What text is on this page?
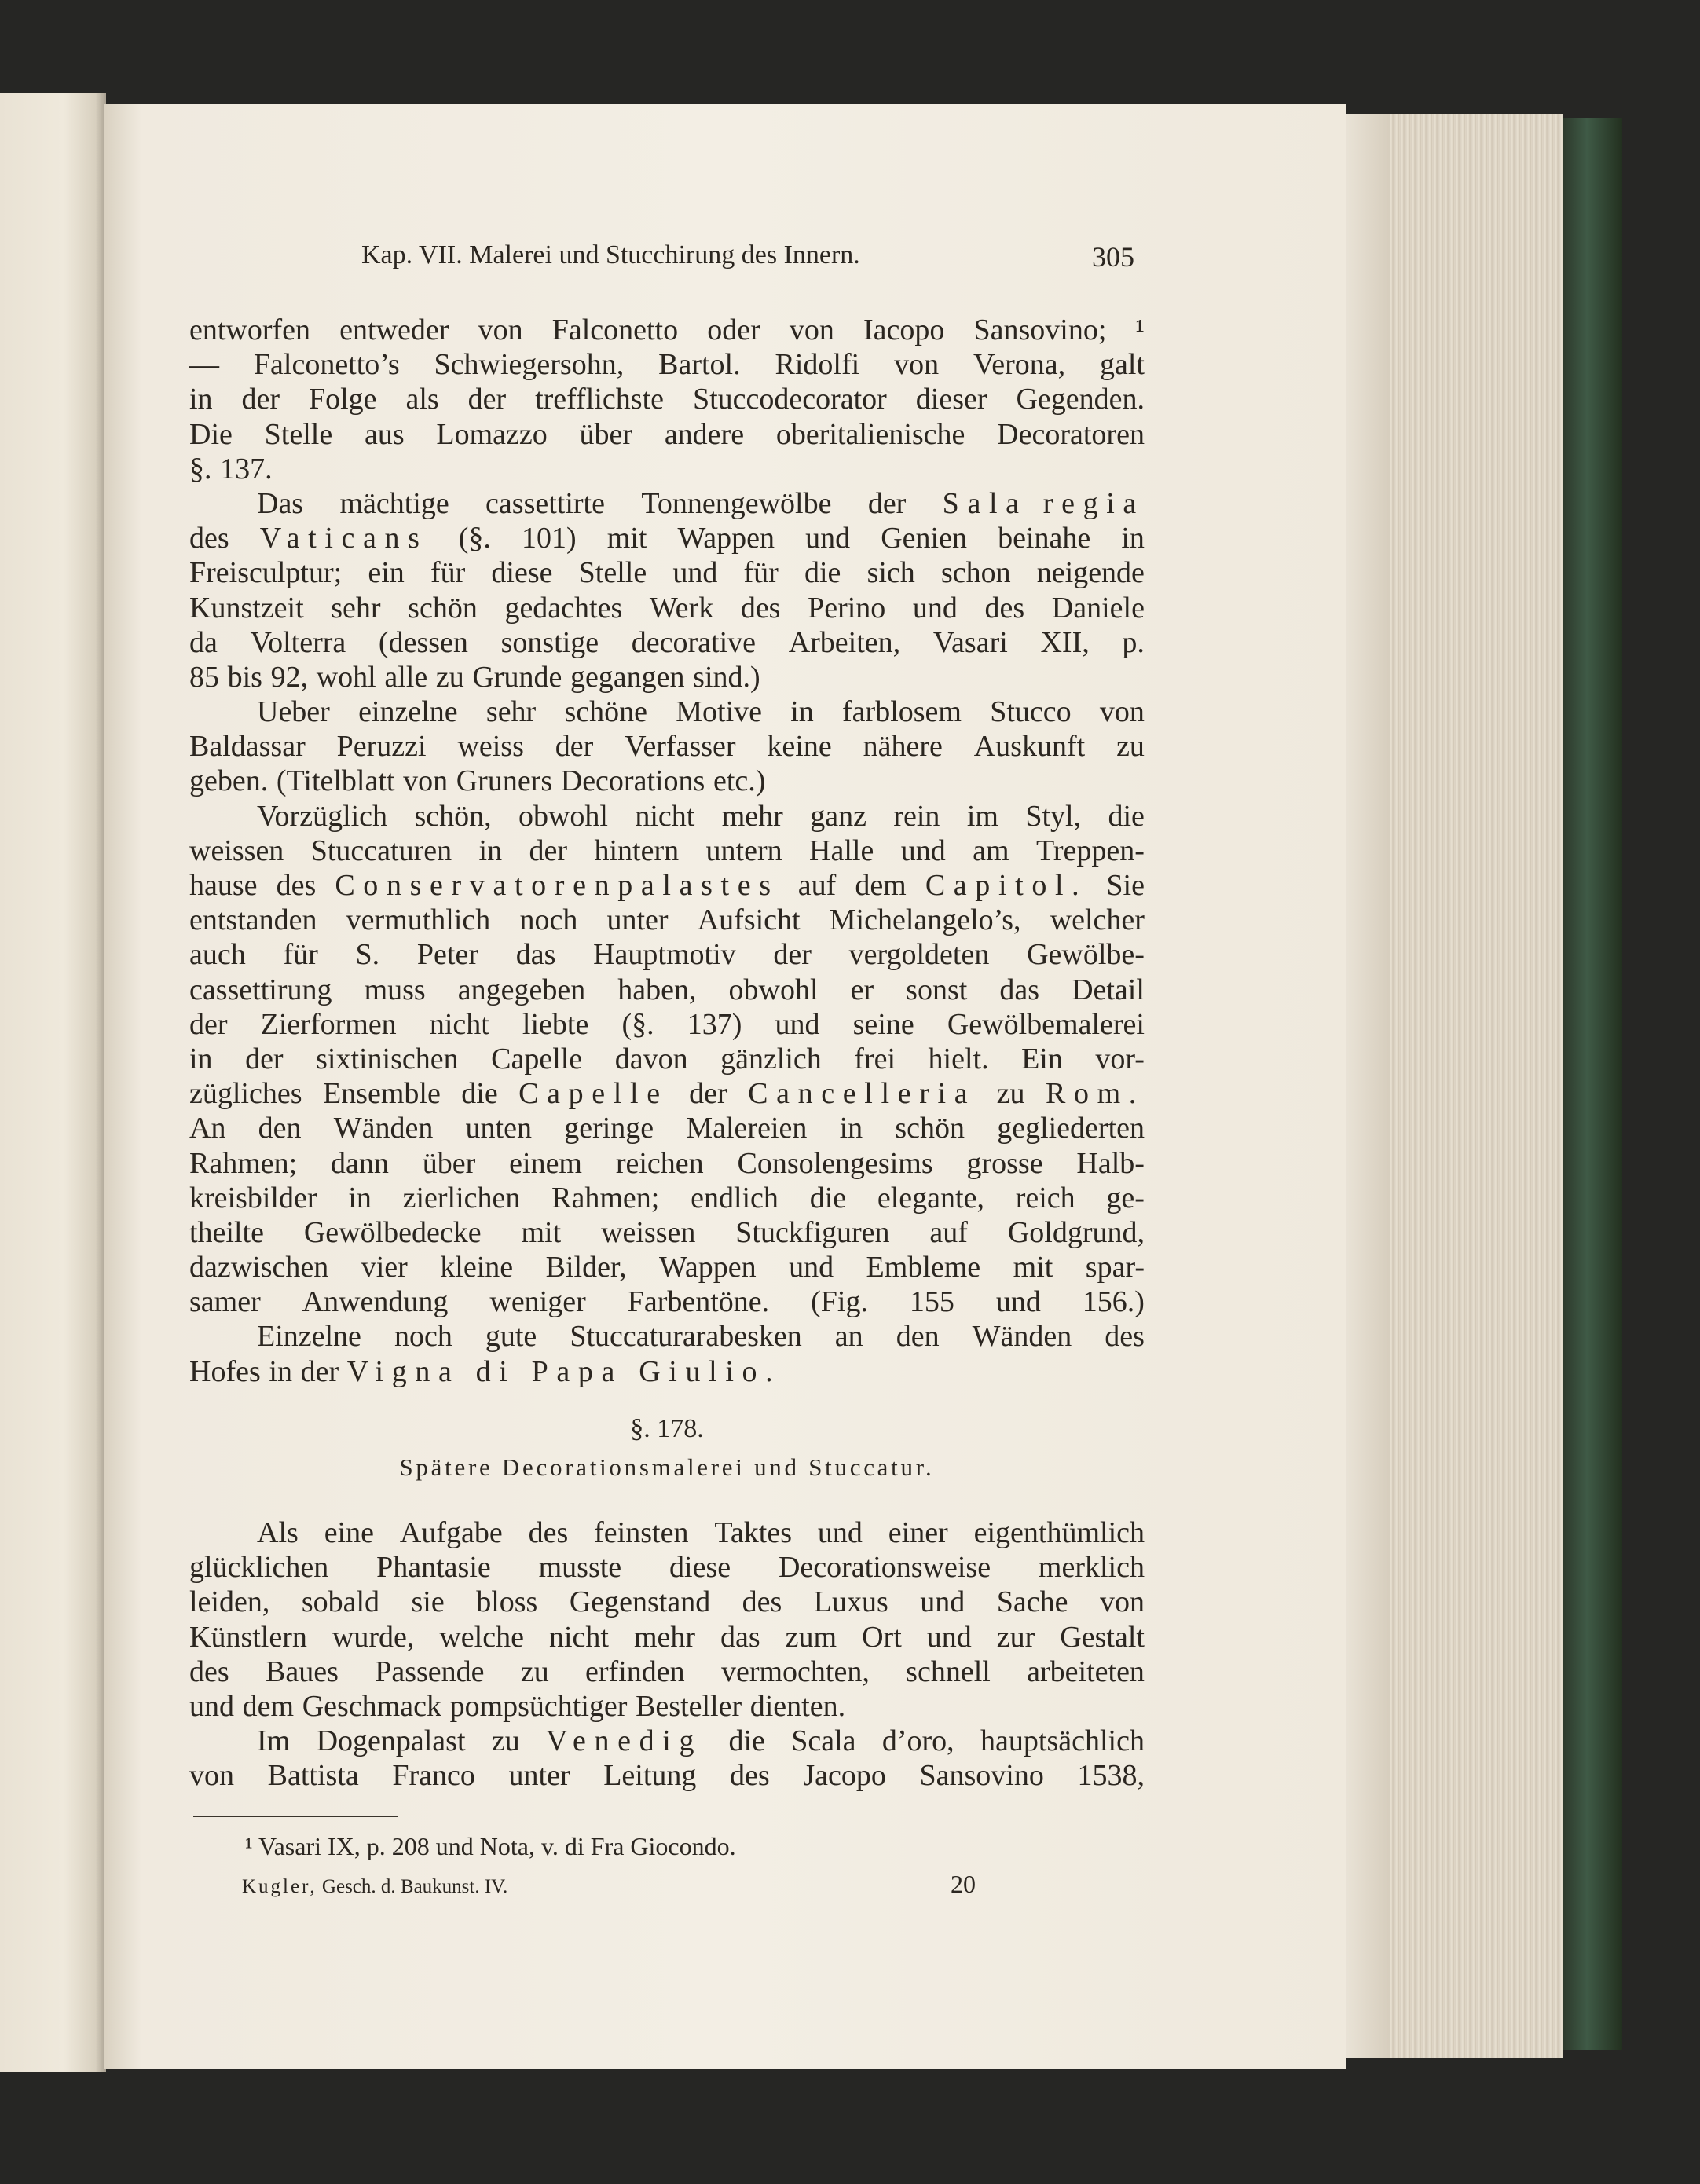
Kap. VII. Malerei und Stucchirung des Innern.	305
entworfen entweder von Falconetto oder von Iacopo Sansovino; ¹
— Falconetto’s Schwiegersohn, Bartol. Ridolfi von Verona, galt
in der Folge als der trefflichste Stuccodecorator dieser Gegenden.
Die Stelle aus Lomazzo über andere oberitalienische Decoratoren
§. 137.
Das mächtige cassettirte Tonnengewölbe der Sala regia
des Vaticans (§. 101) mit Wappen und Genien beinahe in
Freisculptur; ein für diese Stelle und für die sich schon neigende
Kunstzeit sehr schön gedachtes Werk des Perino und des Daniele
da Volterra (dessen sonstige decorative Arbeiten, Vasari XII, p.
85 bis 92, wohl alle zu Grunde gegangen sind.)
Ueber einzelne sehr schöne Motive in farblosem Stucco von
Baldassar Peruzzi weiss der Verfasser keine nähere Auskunft zu
geben. (Titelblatt von Gruners Decorations etc.)
Vorzüglich schön, obwohl nicht mehr ganz rein im Styl, die
weissen Stuccaturen in der hintern untern Halle und am Treppen-
hause des Conservatorenpalastes auf dem Capitol. Sie
entstanden vermuthlich noch unter Aufsicht Michelangelo’s, welcher
auch für S. Peter das Hauptmotiv der vergoldeten Gewölbe-
cassettirung muss angegeben haben, obwohl er sonst das Detail
der Zierformen nicht liebte (§. 137) und seine Gewölbemalerei
in der sixtinischen Capelle davon gänzlich frei hielt. Ein vor-
zügliches Ensemble die Capelle der Cancelleria zu Rom.
An den Wänden unten geringe Malereien in schön gegliederten
Rahmen; dann über einem reichen Consolengesims grosse Halb-
kreisbilder in zierlichen Rahmen; endlich die elegante, reich ge-
theilte Gewölbedecke mit weissen Stuckfiguren auf Goldgrund,
dazwischen vier kleine Bilder, Wappen und Embleme mit spar-
samer Anwendung weniger Farbentöne. (Fig. 155 und 156.)
Einzelne noch gute Stuccaturarabesken an den Wänden des
Hofes in der Vigna di Papa Giulio.
§. 178.
Spätere Decorationsmalerei und Stuccatur.
Als eine Aufgabe des feinsten Taktes und einer eigenthümlich
glücklichen Phantasie musste diese Decorationsweise merklich
leiden, sobald sie bloss Gegenstand des Luxus und Sache von
Künstlern wurde, welche nicht mehr das zum Ort und zur Gestalt
des Baues Passende zu erfinden vermochten, schnell arbeiteten
und dem Geschmack pompsüchtiger Besteller dienten.
Im Dogenpalast zu Venedig die Scala d’oro, hauptsächlich
von Battista Franco unter Leitung des Jacopo Sansovino 1538,
¹ Vasari IX, p. 208 und Nota, v. di Fra Giocondo.
Kugler, Gesch. d. Baukunst. IV.	20
